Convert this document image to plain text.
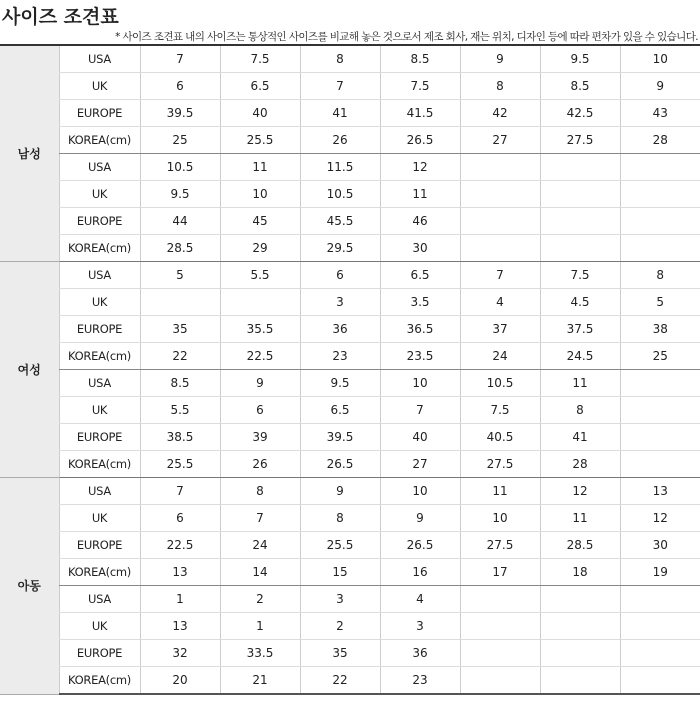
사이즈 조견표
* 사이즈 조견표 내의 사이즈는 통상적인 사이즈를 비교해 놓은 것으로서 제조 회사, 재는 위치, 디자인 등에 따라 편차가 있을 수 있습니다.
남성	USA	7	7.5	8	8.5	9	9.5	10
	UK	6	6.5	7	7.5	8	8.5	9
	EUROPE	39.5	40	41	41.5	42	42.5	43
	KOREA(cm)	25	25.5	26	26.5	27	27.5	28
	USA	10.5	11	11.5	12			
	UK	9.5	10	10.5	11			
	EUROPE	44	45	45.5	46			
	KOREA(cm)	28.5	29	29.5	30			
여성	USA	5	5.5	6	6.5	7	7.5	8
	UK			3	3.5	4	4.5	5
	EUROPE	35	35.5	36	36.5	37	37.5	38
	KOREA(cm)	22	22.5	23	23.5	24	24.5	25
	USA	8.5	9	9.5	10	10.5	11	
	UK	5.5	6	6.5	7	7.5	8	
	EUROPE	38.5	39	39.5	40	40.5	41	
	KOREA(cm)	25.5	26	26.5	27	27.5	28	
아동	USA	7	8	9	10	11	12	13
	UK	6	7	8	9	10	11	12
	EUROPE	22.5	24	25.5	26.5	27.5	28.5	30
	KOREA(cm)	13	14	15	16	17	18	19
	USA	1	2	3	4			
	UK	13	1	2	3			
	EUROPE	32	33.5	35	36			
	KOREA(cm)	20	21	22	23			
